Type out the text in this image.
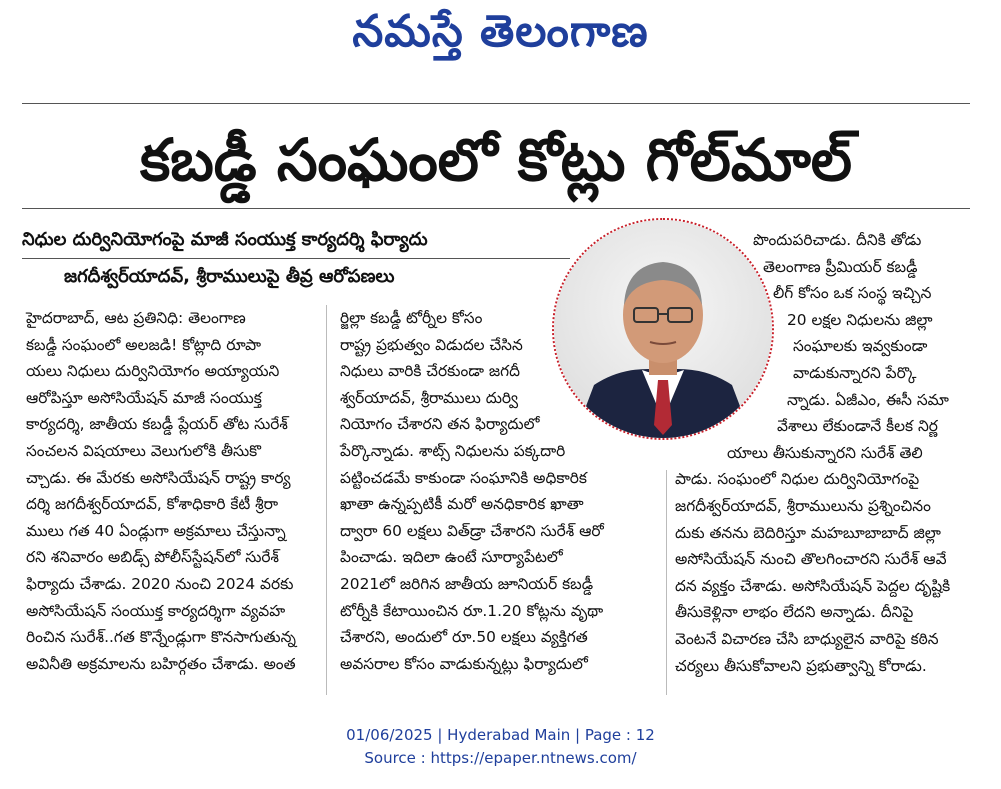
నమస్తే తెలంగాణ
కబడ్డీ సంఘంలో కోట్లు గోల్‌మాల్
నిధుల దుర్వినియోగంపై మాజీ సంయుక్త కార్యదర్శి ఫిర్యాదు
జగదీశ్వర్‌యాదవ్, శ్రీరాములుపై తీవ్ర ఆరోపణలు
హైదరాబాద్, ఆట ప్రతినిధి: తెలంగాణ
కబడ్డీ సంఘంలో అలజడి! కోట్లాది రూపా
యలు నిధులు దుర్వినియోగం అయ్యాయని
ఆరోపిస్తూ అసోసియేషన్ మాజీ సంయుక్త
కార్యదర్శి, జాతీయ కబడ్డీ ప్లేయర్ తోట సురేశ్
సంచలన విషయాలు వెలుగులోకి తీసుకొ
చ్చాడు. ఈ మేరకు అసోసియేషన్ రాష్ట్ర కార్య
దర్శి జగదీశ్వర్‌యాదవ్, కోశాధికారి కేటీ శ్రీరా
ములు గత 40 ఏండ్లుగా అక్రమాలు చేస్తున్నా
రని శనివారం అబిడ్స్ పోలీస్‌స్టేషన్‌లో సురేశ్
ఫిర్యాదు చేశాడు. 2020 నుంచి 2024 వరకు
అసోసియేషన్ సంయుక్త కార్యదర్శిగా వ్యవహ
రించిన సురేశ్..గత కొన్నేండ్లుగా కొనసాగుతున్న
అవినీతి అక్రమాలను బహిర్గతం చేశాడు. అంత
ర్జిల్లా కబడ్డీ టోర్నీల కోసం
రాష్ట్ర ప్రభుత్వం విడుదల చేసిన
నిధులు వారికి చేరకుండా జగదీ
శ్వర్‌యాదవ్, శ్రీరాములు దుర్వి
నియోగం చేశారని తన ఫిర్యాదులో
పేర్కొన్నాడు. శాట్స్ నిధులను పక్కదారి
పట్టించడమే కాకుండా సంఘానికి అధికారిక
ఖాతా ఉన్నప్పటికీ మరో అనధికారిక ఖాతా
ద్వారా 60 లక్షలు విత్‌డ్రా చేశారని సురేశ్ ఆరో
పించాడు. ఇదిలా ఉంటే సూర్యాపేటలో
2021లో జరిగిన జాతీయ జూనియర్ కబడ్డీ
టోర్నీకి కేటాయించిన రూ.1.20 కోట్లను వృథా
చేశారని, అందులో రూ.50 లక్షలు వ్యక్తిగత
అవసరాల కోసం వాడుకున్నట్లు ఫిర్యాదులో
పొందుపరిచాడు. దీనికి తోడు
తెలంగాణ ప్రీమియర్ కబడ్డీ
లీగ్ కోసం ఒక సంస్థ ఇచ్చిన
20 లక్షల నిధులను జిల్లా
సంఘాలకు ఇవ్వకుండా
వాడుకున్నారని పేర్కొ
న్నాడు. ఏజీఎం, ఈసీ సమా
వేశాలు లేకుండానే కీలక నిర్ణ
యాలు తీసుకున్నారని సురేశ్ తెలి
పాడు. సంఘంలో నిధుల దుర్వినియోగంపై
జగదీశ్వర్‌యాదవ్, శ్రీరాములును ప్రశ్నించినం
దుకు తనను బెదిరిస్తూ మహబూబాబాద్ జిల్లా
అసోసియేషన్ నుంచి తొలగించారని సురేశ్ ఆవే
దన వ్యక్తం చేశాడు. అసోసియేషన్ పెద్దల దృష్టికి
తీసుకెళ్లినా లాభం లేదని అన్నాడు. దీనిపై
వెంటనే విచారణ చేసి బాధ్యులైన వారిపై కఠిన
చర్యలు తీసుకోవాలని ప్రభుత్వాన్ని కోరాడు.
01/06/2025 | Hyderabad Main | Page : 12
Source : https://epaper.ntnews.com/
